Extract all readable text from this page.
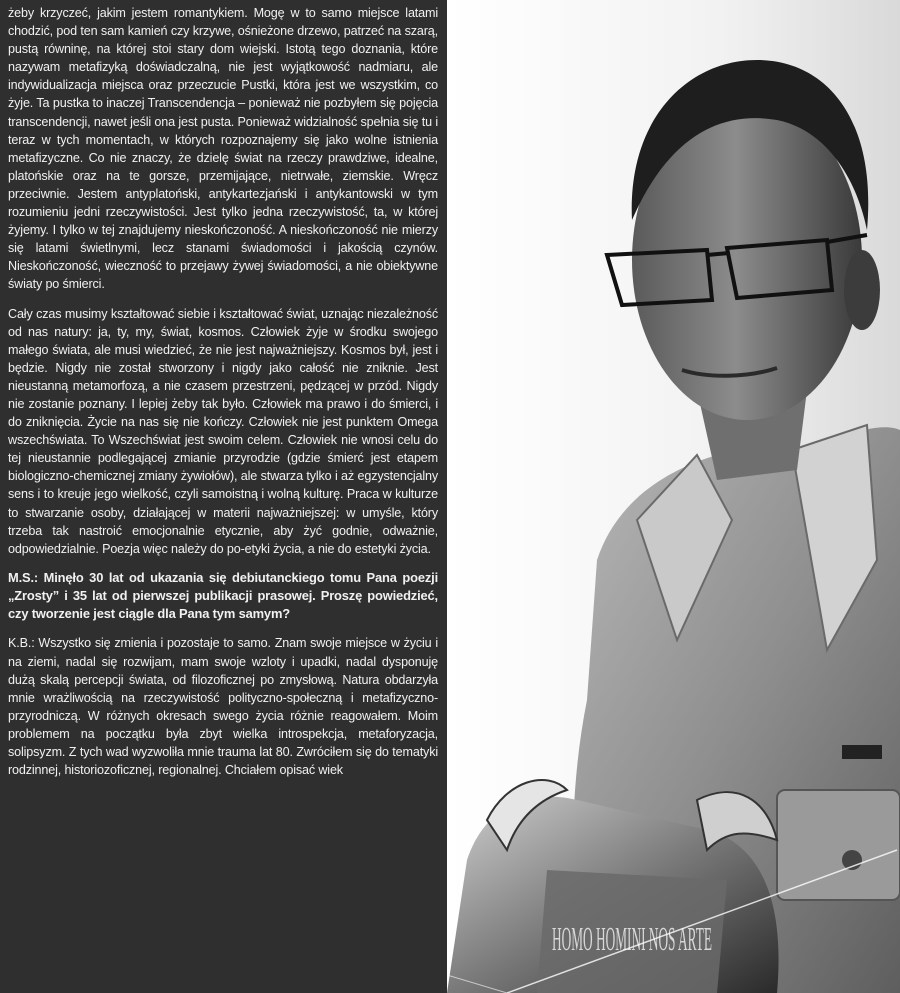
żeby krzyczeć, jakim jestem romantykiem. Mogę w to samo miejsce latami chodzić, pod ten sam kamień czy krzywe, ośnieżone drzewo, patrzeć na szarą, pustą równinę, na której stoi stary dom wiejski. Istotą tego doznania, które nazywam metafizyką doświadczalną, nie jest wyjątkowość nadmiaru, ale indywidualizacja miejsca oraz przeczucie Pustki, która jest we wszystkim, co żyje. Ta pustka to inaczej Transcendencja – ponieważ nie pozbyłem się pojęcia transcendencji, nawet jeśli ona jest pusta. Ponieważ widzialność spełnia się tu i teraz w tych momentach, w których rozpoznajemy się jako wolne istnienia metafizyczne. Co nie znaczy, że dzielę świat na rzeczy prawdziwe, idealne, platońskie oraz na te gorsze, przemijające, nietrwałe, ziemskie. Wręcz przeciwnie. Jestem antyplatoński, antykartezjański i antykantowski w tym rozumieniu jedni rzeczywistości. Jest tylko jedna rzeczywistość, ta, w której żyjemy. I tylko w tej znajdujemy nieskończoność. A nieskończoność nie mierzy się latami świetlnymi, lecz stanami świadomości i jakością czynów. Nieskończoność, wieczność to przejawy żywej świadomości, a nie obiektywne światy po śmierci.

Cały czas musimy kształtować siebie i kształtować świat, uznając niezależność od nas natury: ja, ty, my, świat, kosmos. Człowiek żyje w środku swojego małego świata, ale musi wiedzieć, że nie jest najważniejszy. Kosmos był, jest i będzie. Nigdy nie został stworzony i nigdy jako całość nie zniknie. Jest nieustanną metamorfozą, a nie czasem przestrzeni, pędzącej w przód. Nigdy nie zostanie poznany. I lepiej żeby tak było. Człowiek ma prawo i do śmierci, i do zniknięcia. Życie na nas się nie kończy. Człowiek nie jest punktem Omega wszechświata. To Wszechświat jest swoim celem. Człowiek nie wnosi celu do tej nieustannie podlegającej zmianie przyrodzie (gdzie śmierć jest etapem biologiczno-chemicznej zmiany żywiołów), ale stwarza tylko i aż egzystencjalny sens i to kreuje jego wielkość, czyli samoistną i wolną kulturę. Praca w kulturze to stwarzanie osoby, działającej w materii najważniejszej: w umyśle, który trzeba tak nastroić emocjonalnie etycznie, aby żyć godnie, odważnie, odpowiedzialnie. Poezja więc należy do po-etyki życia, a nie do estetyki życia.

M.S.: Minęło 30 lat od ukazania się debiutanckiego tomu Pana poezji „Zrosty” i 35 lat od pierwszej publikacji prasowej. Proszę powiedzieć, czy tworzenie jest ciągle dla Pana tym samym?

K.B.: Wszystko się zmienia i pozostaje to samo. Znam swoje miejsce w życiu i na ziemi, nadal się rozwijam, mam swoje wzloty i upadki, nadal dysponuję dużą skalą percepcji świata, od filozoficznej po zmysłową. Natura obdarzyła mnie wrażliwością na rzeczywistość polityczno-społeczną i metafizyczno-przyrodniczą. W różnych okresach swego życia różnie reagowałem. Moim problemem na początku była zbyt wielka introspekcja, metaforyzacja, solipsyzm. Z tych wad wyzwoliła mnie trauma lat 80. Zwróciłem się do tematyki rodzinnej, historiozoficznej, regionalnej. Chciałem opisać wiek

HOMO HOMINI NOS ARTE
